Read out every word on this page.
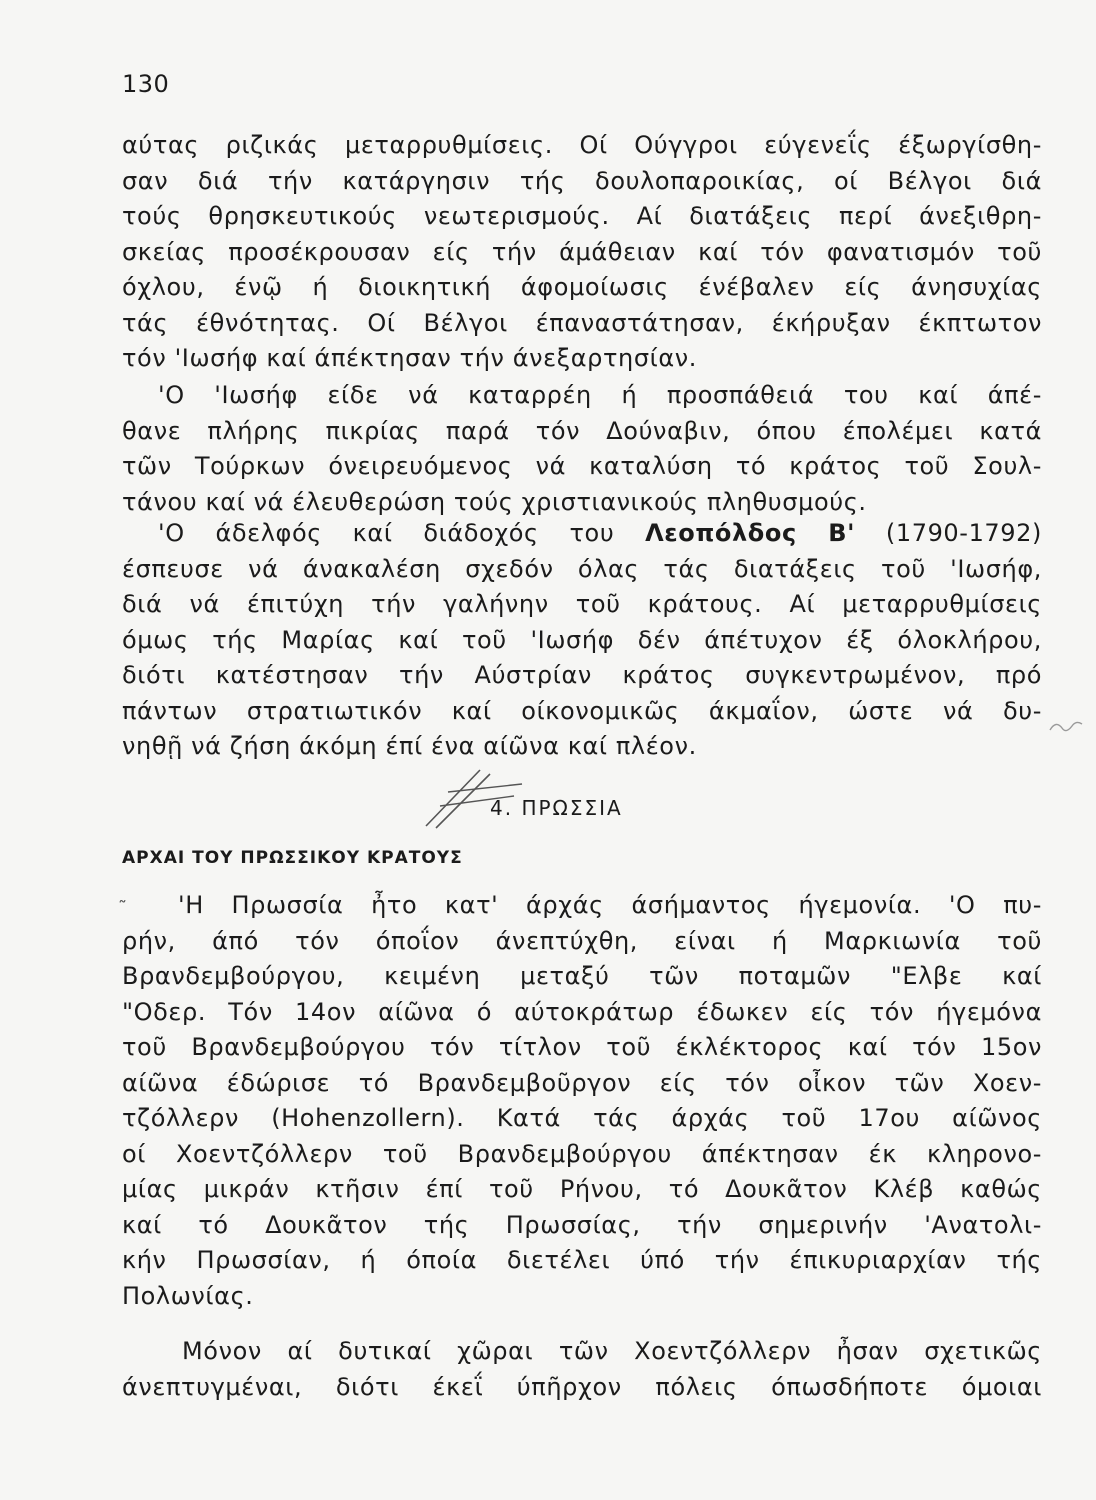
130
αύτας ριζικάς μεταρρυθμίσεις. Οί Ούγγροι εύγενεΐς έξωργίσθη-
σαν διά τήν κατάργησιν τής δουλοπαροικίας, οί Βέλγοι διά
τούς θρησκευτικούς νεωτερισμούς. Αί διατάξεις περί άνεξιθρη-
σκείας προσέκρουσαν είς τήν άμάθειαν καί τόν φανατισμόν τοῦ
όχλου, ένῷ ή διοικητική άφομοίωσις ένέβαλεν είς άνησυχίας
τάς έθνότητας. Οί Βέλγοι έπαναστάτησαν, έκήρυξαν έκπτωτον
τόν 'Ιωσήφ καί άπέκτησαν τήν άνεξαρτησίαν.
'Ο 'Ιωσήφ είδε νά καταρρέη ή προσπάθειά του καί άπέ-
θανε πλήρης πικρίας παρά τόν Δούναβιν, όπου έπολέμει κατά
τῶν Τούρκων όνειρευόμενος νά καταλύση τό κράτος τοῦ Σουλ-
τάνου καί νά έλευθερώση τούς χριστιανικούς πληθυσμούς.
'Ο άδελφός καί διάδοχός του Λεοπόλδος Β' (1790-1792)
έσπευσε νά άνακαλέση σχεδόν όλας τάς διατάξεις τοῦ 'Ιωσήφ,
διά νά έπιτύχη τήν γαλήνην τοῦ κράτους. Αί μεταρρυθμίσεις
όμως τής Μαρίας καί τοῦ 'Ιωσήφ δέν άπέτυχον έξ όλοκλήρου,
διότι κατέστησαν τήν Αύστρίαν κράτος συγκεντρωμένον, πρό
πάντων στρατιωτικόν καί οίκονομικῶς άκμαΐον, ώστε νά δυ-
νηθῇ νά ζήση άκόμη έπί ένα αίῶνα καί πλέον.
4. ΠΡΩΣΣΙΑ
ΑΡΧΑΙ ΤΟΥ ΠΡΩΣΣΙΚΟΥ ΚΡΑΤΟΥΣ
˜	'Η Πρωσσία ἦτο κατ' άρχάς άσήμαντος ήγεμονία. 'Ο πυ-
ρήν, άπό τόν όποΐον άνεπτύχθη, είναι ή Μαρκιωνία τοῦ
Βρανδεμβούργου, κειμένη μεταξύ τῶν ποταμῶν "Ελβε καί
"Οδερ. Τόν 14ον αίῶνα ό αύτοκράτωρ έδωκεν είς τόν ήγεμόνα
τοῦ Βρανδεμβούργου τόν τίτλον τοῦ έκλέκτορος καί τόν 15ον
αίῶνα έδώρισε τό Βρανδεμβοῦργον είς τόν οἶκον τῶν Χοεν-
τζόλλερν (Hohenzollern). Κατά τάς άρχάς τοῦ 17ου αίῶνος
οί Χοεντζόλλερν τοῦ Βρανδεμβούργου άπέκτησαν έκ κληρονο-
μίας μικράν κτῆσιν έπί τοῦ Ρήνου, τό Δουκᾶτον Κλέβ καθώς
καί τό Δουκᾶτον τής Πρωσσίας, τήν σημερινήν 'Ανατολι-
κήν Πρωσσίαν, ή όποία διετέλει ύπό τήν έπικυριαρχίαν τής
Πολωνίας.
Μόνον αί δυτικαί χῶραι τῶν Χοεντζόλλερν ἦσαν σχετικῶς
άνεπτυγμέναι, διότι έκεΐ ύπῆρχον πόλεις όπωσδήποτε όμοιαι
